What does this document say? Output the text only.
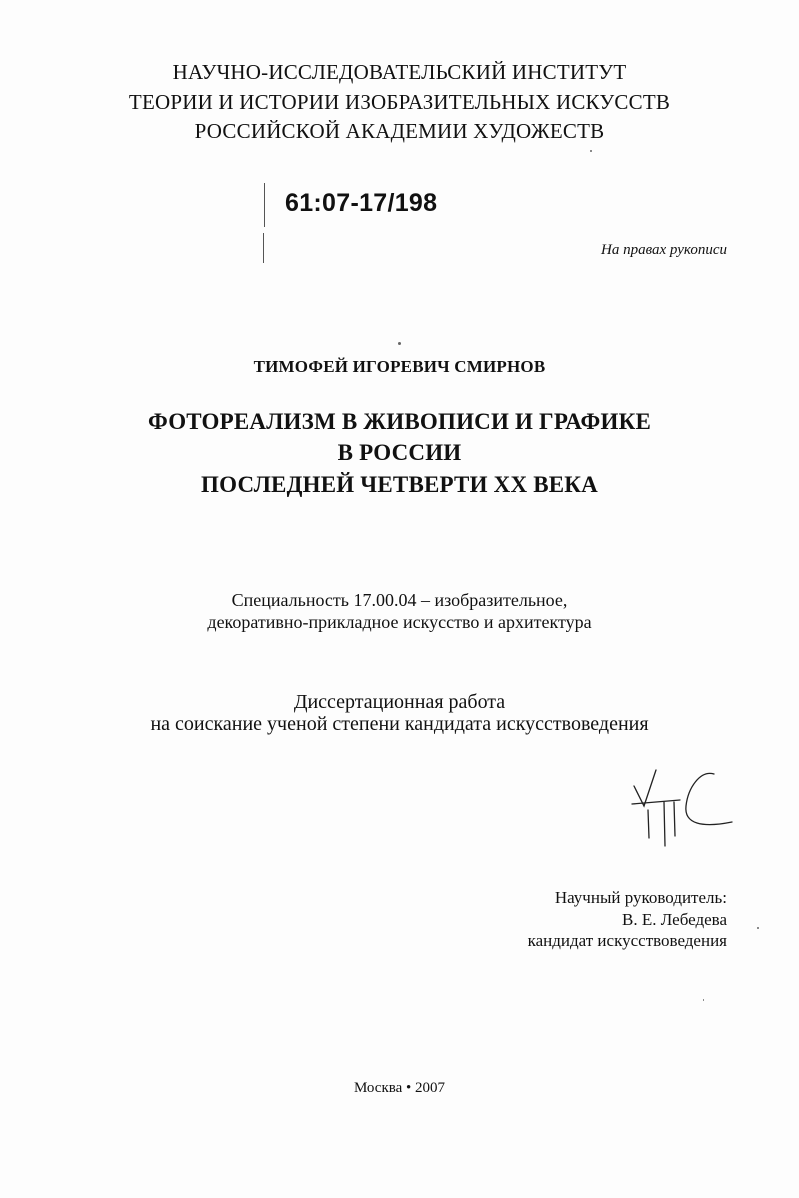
НАУЧНО-ИССЛЕДОВАТЕЛЬСКИЙ ИНСТИТУТ
ТЕОРИИ И ИСТОРИИ ИЗОБРАЗИТЕЛЬНЫХ ИСКУССТВ
РОССИЙСКОЙ АКАДЕМИИ ХУДОЖЕСТВ
61:07-17/198
На правах рукописи
ТИМОФЕЙ ИГОРЕВИЧ СМИРНОВ
ФОТОРЕАЛИЗМ В ЖИВОПИСИ И ГРАФИКЕ
В РОССИИ
ПОСЛЕДНЕЙ ЧЕТВЕРТИ XX ВЕКА
Специальность 17.00.04 – изобразительное,
декоративно-прикладное искусство и архитектура
Диссертационная работа
на соискание ученой степени кандидата искусствоведения
Научный руководитель:
В. Е. Лебедева
кандидат искусствоведения
Москва • 2007
